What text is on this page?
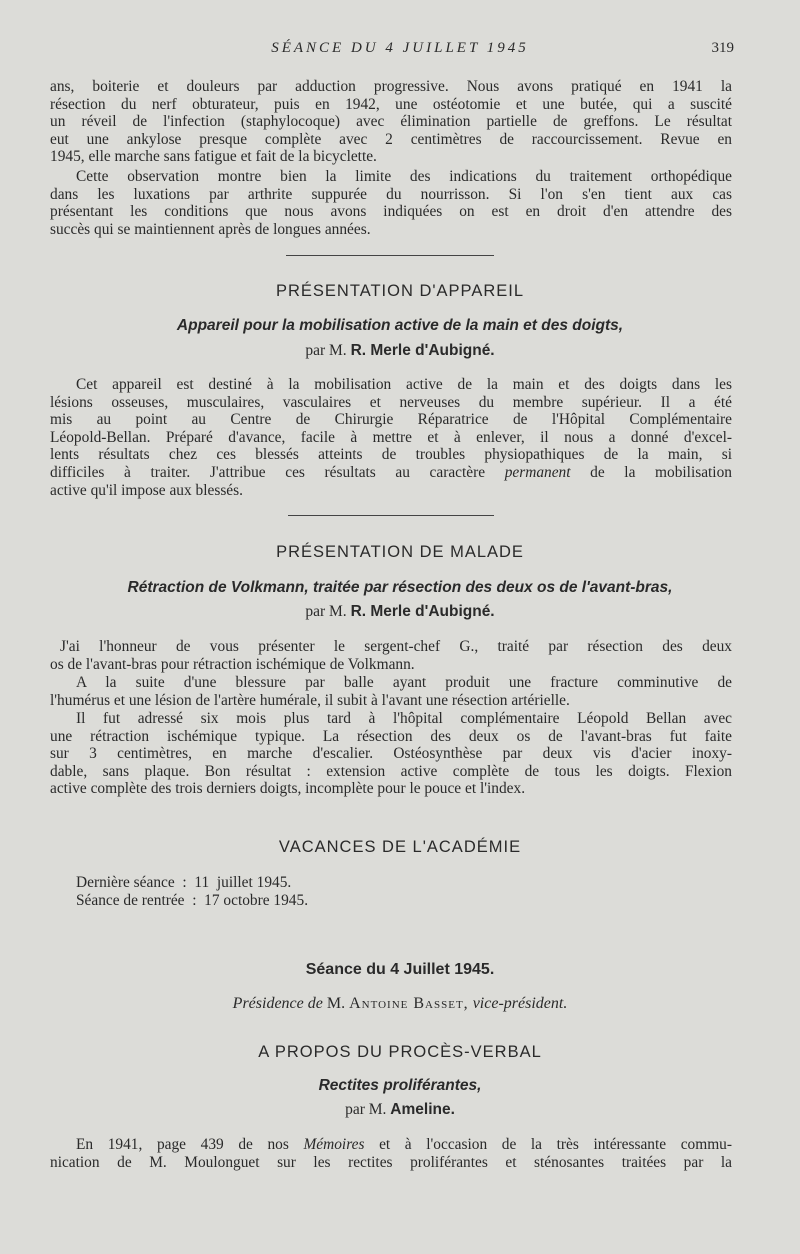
SÉANCE DU 4 JUILLET 1945	319
ans, boiterie et douleurs par adduction progressive. Nous avons pratiqué en 1941 la
résection du nerf obturateur, puis en 1942, une ostéotomie et une butée, qui a suscité
un réveil de l'infection (staphylocoque) avec élimination partielle de greffons. Le résultat
eut une ankylose presque complète avec 2 centimètres de raccourcissement. Revue en
1945, elle marche sans fatigue et fait de la bicyclette.
Cette observation montre bien la limite des indications du traitement orthopédique
dans les luxations par arthrite suppurée du nourrisson. Si l'on s'en tient aux cas
présentant les conditions que nous avons indiquées on est en droit d'en attendre des
succès qui se maintiennent après de longues années.
PRÉSENTATION D'APPAREIL
Appareil pour la mobilisation active de la main et des doigts,
par M. R. Merle d'Aubigné.
Cet appareil est destiné à la mobilisation active de la main et des doigts dans les
lésions osseuses, musculaires, vasculaires et nerveuses du membre supérieur. Il a été
mis au point au Centre de Chirurgie Réparatrice de l'Hôpital Complémentaire
Léopold-Bellan. Préparé d'avance, facile à mettre et à enlever, il nous a donné d'excel-
lents résultats chez ces blessés atteints de troubles physiopathiques de la main, si
difficiles à traiter. J'attribue ces résultats au caractère permanent de la mobilisation
active qu'il impose aux blessés.
PRÉSENTATION DE MALADE
Rétraction de Volkmann, traitée par résection des deux os de l'avant-bras,
par M. R. Merle d'Aubigné.
J'ai l'honneur de vous présenter le sergent-chef G., traité par résection des deux
os de l'avant-bras pour rétraction ischémique de Volkmann.
A la suite d'une blessure par balle ayant produit une fracture comminutive de
l'humérus et une lésion de l'artère humérale, il subit à l'avant une résection artérielle.
Il fut adressé six mois plus tard à l'hôpital complémentaire Léopold Bellan avec
une rétraction ischémique typique. La résection des deux os de l'avant-bras fut faite
sur 3 centimètres, en marche d'escalier. Ostéosynthèse par deux vis d'acier inoxy-
dable, sans plaque. Bon résultat : extension active complète de tous les doigts. Flexion
active complète des trois derniers doigts, incomplète pour le pouce et l'index.
VACANCES DE L'ACADÉMIE
Dernière séance  :  11  juillet 1945.
Séance de rentrée  :  17 octobre 1945.
Séance du 4 Juillet 1945.
Présidence de M. Antoine Basset, vice-président.
A PROPOS DU PROCÈS-VERBAL
Rectites proliférantes,
par M. Ameline.
En 1941, page 439 de nos Mémoires et à l'occasion de la très intéressante commu-
nication de M. Moulonguet sur les rectites proliférantes et sténosantes traitées par la
